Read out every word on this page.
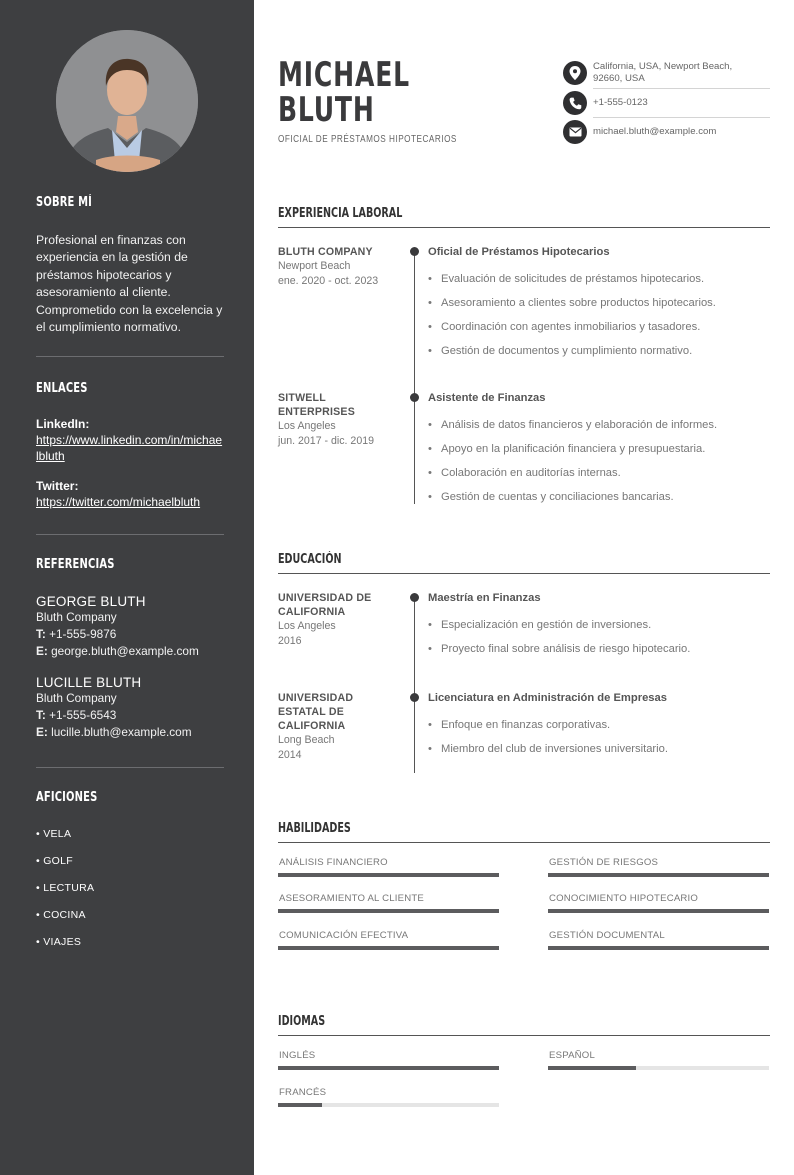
SOBRE MÍ
Profesional en finanzas con experiencia en la gestión de préstamos hipotecarios y asesoramiento al cliente. Comprometido con la excelencia y el cumplimiento normativo.
ENLACES
LinkedIn:
https://www.linkedin.com/in/michaelbluth
Twitter:
https://twitter.com/michaelbluth
REFERENCIAS
GEORGE BLUTH
Bluth Company
T: +1-555-9876
E: george.bluth@example.com
LUCILLE BLUTH
Bluth Company
T: +1-555-6543
E: lucille.bluth@example.com
AFICIONES
• VELA
• GOLF
• LECTURA
• COCINA
• VIAJES
MICHAEL
BLUTH
OFICIAL DE PRÉSTAMOS HIPOTECARIOS
California, USA, Newport Beach, 92660, USA
+1-555-0123
michael.bluth@example.com
EXPERIENCIA LABORAL
BLUTH COMPANY
Newport Beach
ene. 2020 - oct. 2023
Oficial de Préstamos Hipotecarios
• Evaluación de solicitudes de préstamos hipotecarios.
• Asesoramiento a clientes sobre productos hipotecarios.
• Coordinación con agentes inmobiliarios y tasadores.
• Gestión de documentos y cumplimiento normativo.
SITWELL ENTERPRISES
Los Angeles
jun. 2017 - dic. 2019
Asistente de Finanzas
• Análisis de datos financieros y elaboración de informes.
• Apoyo en la planificación financiera y presupuestaria.
• Colaboración en auditorías internas.
• Gestión de cuentas y conciliaciones bancarias.
EDUCACIÓN
UNIVERSIDAD DE CALIFORNIA
Los Angeles
2016
Maestría en Finanzas
• Especialización en gestión de inversiones.
• Proyecto final sobre análisis de riesgo hipotecario.
UNIVERSIDAD ESTATAL DE CALIFORNIA
Long Beach
2014
Licenciatura en Administración de Empresas
• Enfoque en finanzas corporativas.
• Miembro del club de inversiones universitario.
HABILIDADES
ANÁLISIS FINANCIERO	GESTIÓN DE RIESGOS
ASESORAMIENTO AL CLIENTE	CONOCIMIENTO HIPOTECARIO
COMUNICACIÓN EFECTIVA	GESTIÓN DOCUMENTAL
IDIOMAS
INGLÉS	ESPAÑOL
FRANCÉS
